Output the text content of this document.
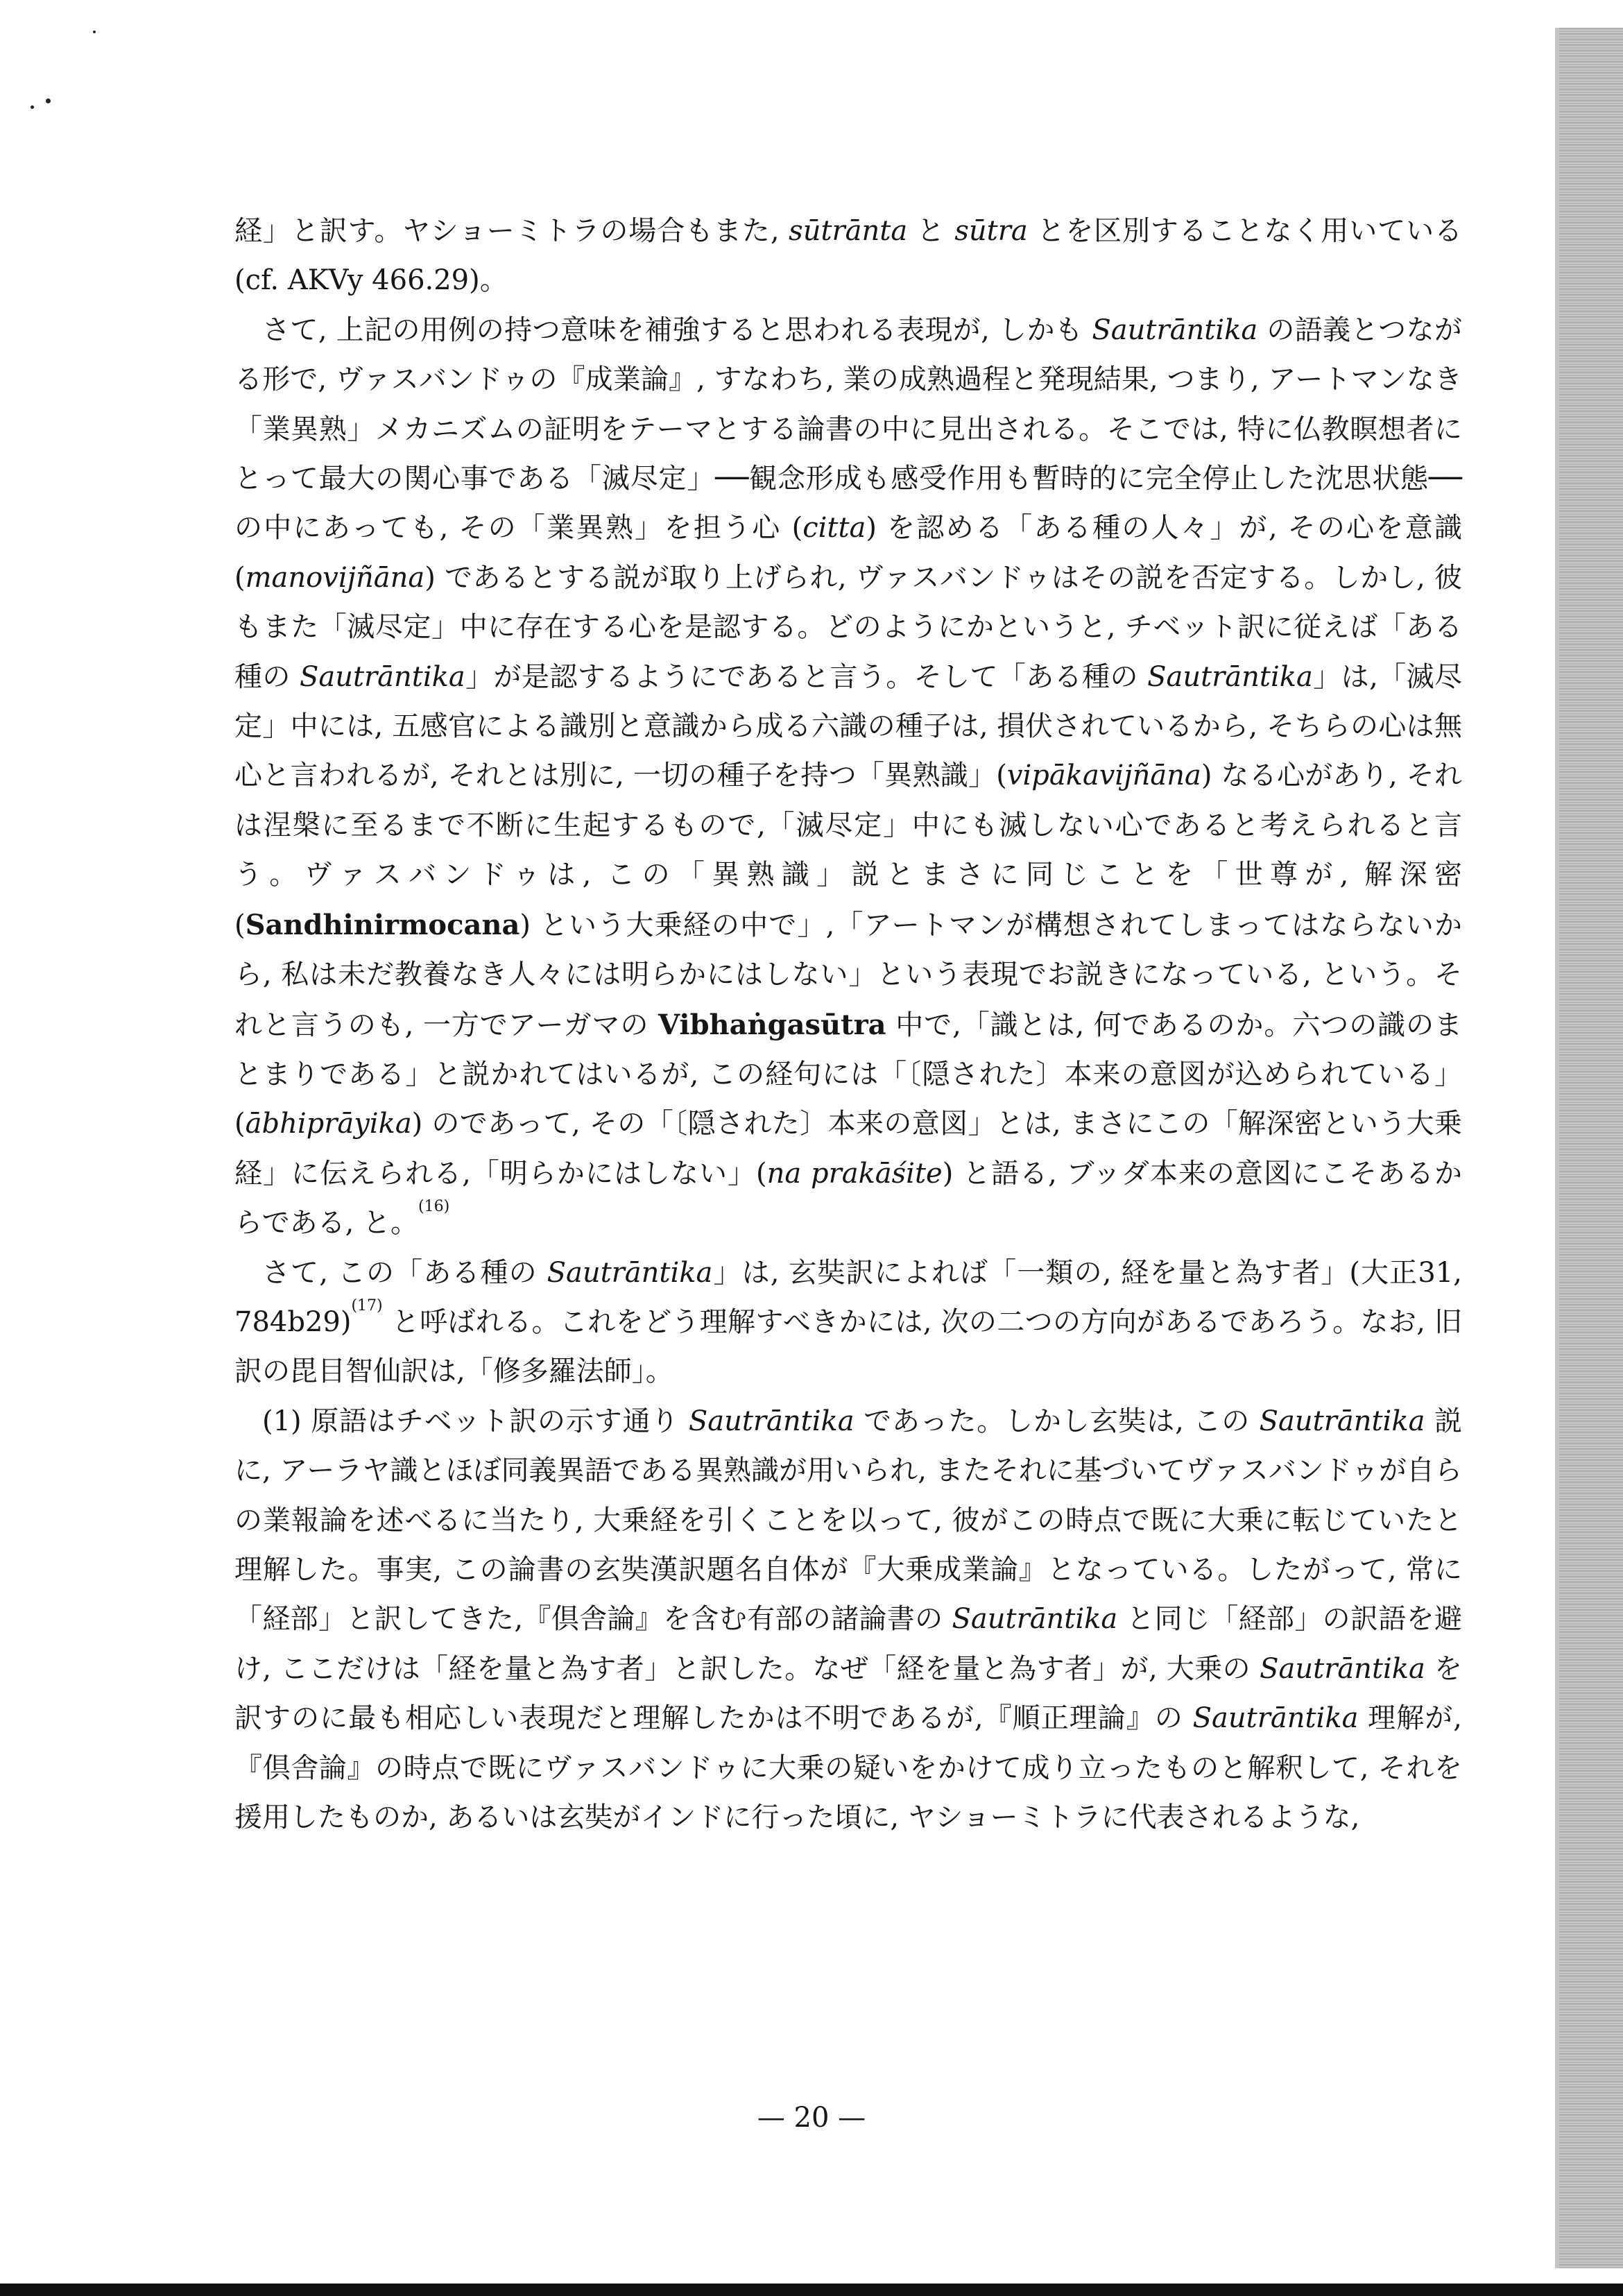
経」と訳す。ヤショーミトラの場合もまた, sūtrānta と sūtra とを区別することなく用いている (cf. AKVy 466.29)。

さて, 上記の用例の持つ意味を補強すると思われる表現が, しかも Sautrāntika の語義とつながる形で, ヴァスバンドゥの『成業論』, すなわち, 業の成熟過程と発現結果, つまり, アートマンなき「業異熟」メカニズムの証明をテーマとする論書の中に見出される。そこでは, 特に仏教瞑想者にとって最大の関心事である「滅尽定」──観念形成も感受作用も暫時的に完全停止した沈思状態──の中にあっても, その「業異熟」を担う心 (citta) を認める「ある種の人々」が, その心を意識 (manovijñāna) であるとする説が取り上げられ, ヴァスバンドゥはその説を否定する。しかし, 彼もまた「滅尽定」中に存在する心を是認する。どのようにかというと, チベット訳に従えば「ある種の Sautrāntika」が是認するようにであると言う。そして「ある種の Sautrāntika」は,「滅尽定」中には, 五感官による識別と意識から成る六識の種子は, 損伏されているから, そちらの心は無心と言われるが, それとは別に, 一切の種子を持つ「異熟識」(vipākavijñāna) なる心があり, それは涅槃に至るまで不断に生起するもので,「滅尽定」中にも滅しない心であると考えられると言う。ヴァスバンドゥは, この「異熟識」説とまさに同じことを「世尊が, 解深密 (Sandhinirmocana) という大乗経の中で」,「アートマンが構想されてしまってはならないから, 私は未だ教養なき人々には明らかにはしない」という表現でお説きになっている, という。それと言うのも, 一方でアーガマの Vibhaṅgasūtra 中で,「識とは, 何であるのか。六つの識のまとまりである」と説かれてはいるが, この経句には「〔隠された〕本来の意図が込められている」(ābhiprāyika) のであって, その「〔隠された〕本来の意図」とは, まさにこの「解深密という大乗経」に伝えられる,「明らかにはしない」(na prakāśite) と語る, ブッダ本来の意図にこそあるからである, と。$^{(16)}$

さて, この「ある種の Sautrāntika」は, 玄奘訳によれば「一類の, 経を量と為す者」(大正31, 784b29)$^{(17)}$ と呼ばれる。これをどう理解すべきかには, 次の二つの方向があるであろう。なお, 旧訳の毘目智仙訳は,「修多羅法師」。

(1) 原語はチベット訳の示す通り Sautrāntika であった。しかし玄奘は, この Sautrāntika 説に, アーラヤ識とほぼ同義異語である異熟識が用いられ, またそれに基づいてヴァスバンドゥが自らの業報論を述べるに当たり, 大乗経を引くことを以って, 彼がこの時点で既に大乗に転じていたと理解した。事実, この論書の玄奘漢訳題名自体が『大乗成業論』となっている。したがって, 常に「経部」と訳してきた,『倶舎論』を含む有部の諸論書の Sautrāntika と同じ「経部」の訳語を避け, ここだけは「経を量と為す者」と訳した。なぜ「経を量と為す者」が, 大乗の Sautrāntika を訳すのに最も相応しい表現だと理解したかは不明であるが,『順正理論』の Sautrāntika 理解が,『倶舎論』の時点で既にヴァスバンドゥに大乗の疑いをかけて成り立ったものと解釈して, それを援用したものか, あるいは玄奘がインドに行った頃に, ヤショーミトラに代表されるような,

— 20 —
